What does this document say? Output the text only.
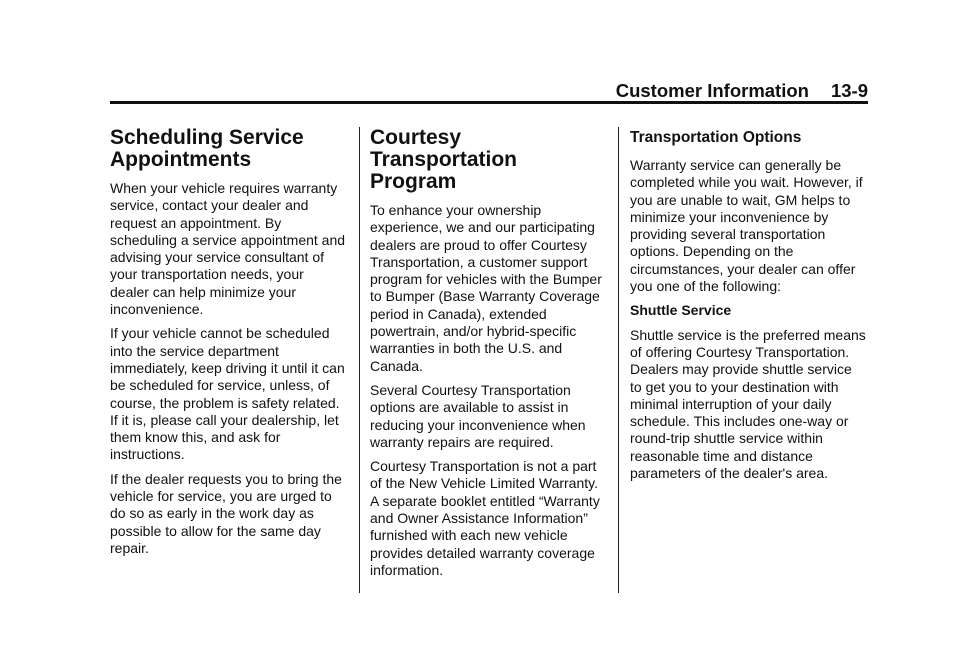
Customer Information 13-9
Scheduling Service
Appointments

When your vehicle requires warranty service, contact your dealer and request an appointment. By scheduling a service appointment and advising your service consultant of your transportation needs, your dealer can help minimize your inconvenience.

If your vehicle cannot be scheduled into the service department immediately, keep driving it until it can be scheduled for service, unless, of course, the problem is safety related. If it is, please call your dealership, let them know this, and ask for instructions.

If the dealer requests you to bring the vehicle for service, you are urged to do so as early in the work day as possible to allow for the same day repair.

Courtesy Transportation
Program

To enhance your ownership experience, we and our participating dealers are proud to offer Courtesy Transportation, a customer support program for vehicles with the Bumper to Bumper (Base Warranty Coverage period in Canada), extended powertrain, and/or hybrid-specific warranties in both the U.S. and Canada.

Several Courtesy Transportation options are available to assist in reducing your inconvenience when warranty repairs are required.

Courtesy Transportation is not a part of the New Vehicle Limited Warranty. A separate booklet entitled “Warranty and Owner Assistance Information” furnished with each new vehicle provides detailed warranty coverage information.

Transportation Options

Warranty service can generally be completed while you wait. However, if you are unable to wait, GM helps to minimize your inconvenience by providing several transportation options. Depending on the circumstances, your dealer can offer you one of the following:

Shuttle Service

Shuttle service is the preferred means of offering Courtesy Transportation. Dealers may provide shuttle service to get you to your destination with minimal interruption of your daily schedule. This includes one-way or round-trip shuttle service within reasonable time and distance parameters of the dealer's area.
